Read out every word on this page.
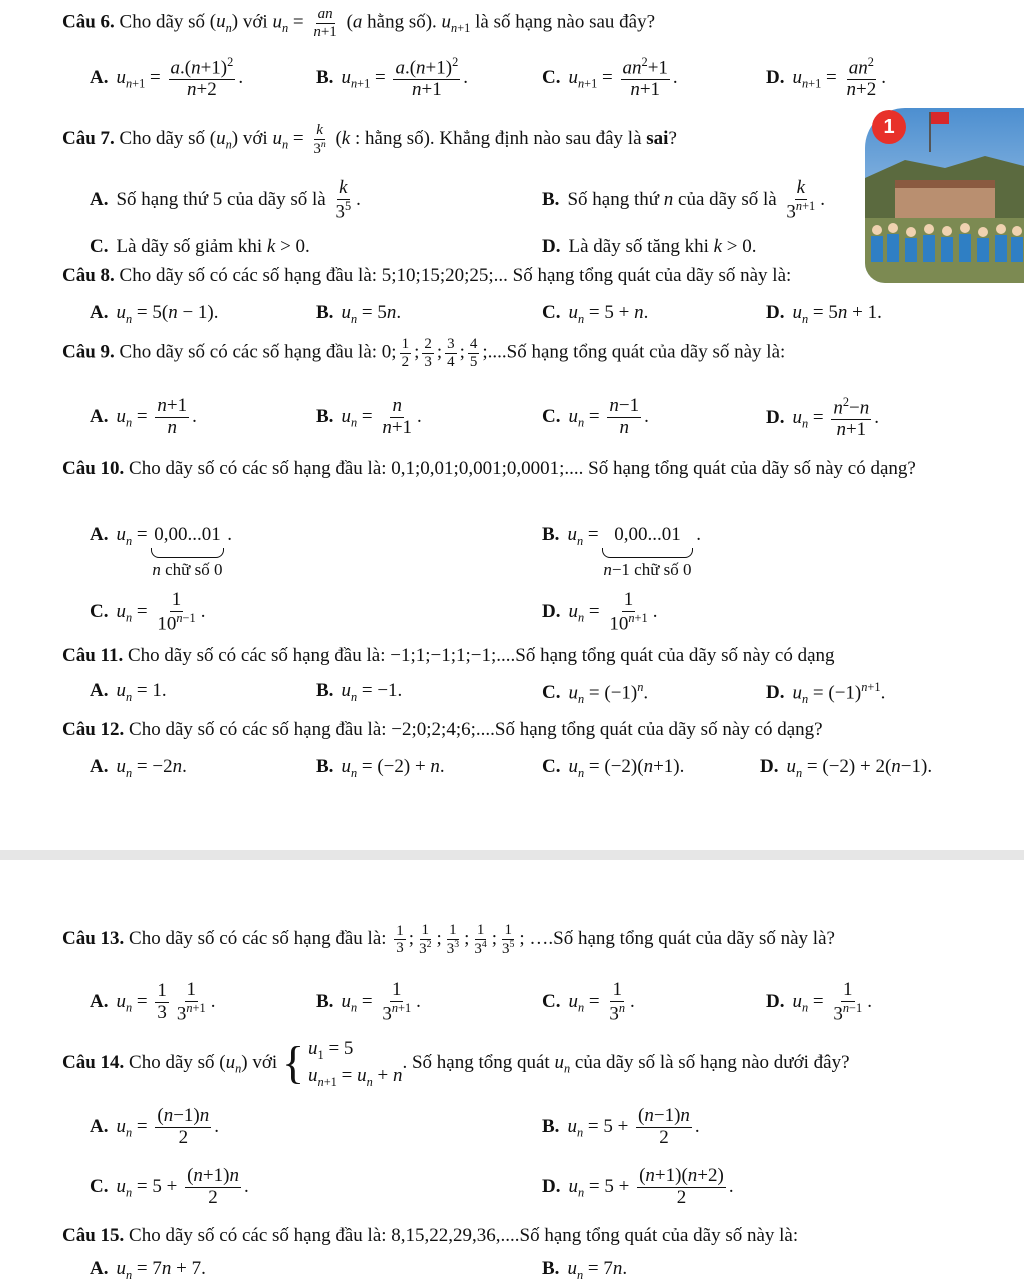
Câu 6. Cho dãy số $(u_n)$ với $u_n = \frac{an}{n+1} (a$ hằng số). $u_{n+1}$ là số hạng nào sau đây?
A. $u_{n+1} = \frac{a.(n+1)^2}{n+2}$ .	B. $u_{n+1} = \frac{a.(n+1)^2}{n+1}$ .	C. $u_{n+1} = \frac{an^2+1}{n+1}$ .	D. $u_{n+1} = \frac{an^2}{n+2}$ .
Câu 7. Cho dãy số $(u_n)$ với $u_n = \frac{k}{3^n} (k$ : hằng số). Khẳng định nào sau đây là sai?
A. Số hạng thứ 5 của dãy số là $\frac{k}{3^5}$ .	B. Số hạng thứ n của dãy số là $\frac{k}{3^{n+1}}$ .
C. Là dãy số giảm khi k > 0.	D. Là dãy số tăng khi k > 0.
Câu 8. Cho dãy số có các số hạng đầu là: 5;10;15;20;25;... Số hạng tổng quát của dãy số này là:
A. $u_n = 5(n - 1)$.	B. $u_n = 5n$.	C. $u_n = 5 + n$.	D. $u_n = 5n + 1$.
Câu 9. Cho dãy số có các số hạng đầu là: 0; $\frac{1}{2}$ ; $\frac{2}{3}$ ; $\frac{3}{4}$ ; $\frac{4}{5}$ ;....Số hạng tổng quát của dãy số này là:
A. $u_n = \frac{n+1}{n}$ .	B. $u_n = \frac{n}{n+1}$ .	C. $u_n = \frac{n-1}{n}$ .	D. $u_n = \frac{n^2-n}{n+1}$ .
Câu 10. Cho dãy số có các số hạng đầu là: 0,1;0,01;0,001;0,0001;.... Số hạng tổng quát của dãy số này có dạng?
A. $u_n = 0,00...01$
n chữ số 0
.	B. $u_n = 0,00...01$
n−1 chữ số 0
.
C. $u_n = \frac{1}{10^{n-1}}$ .	D. $u_n = \frac{1}{10^{n+1}}$ .
Câu 11. Cho dãy số có các số hạng đầu là: −1;1;−1;1;−1;....Số hạng tổng quát của dãy số này có dạng
A. $u_n = 1$.	B. $u_n = -1$.	C. $u_n = (-1)^n$.	D. $u_n = (-1)^{n+1}$.
Câu 12. Cho dãy số có các số hạng đầu là: −2;0;2;4;6;....Số hạng tổng quát của dãy số này có dạng?
A. $u_n = -2n$.	B. $u_n = (-2) + n$.	C. $u_n = (-2)(n+1)$.	D. $u_n = (-2) + 2(n-1)$.
1
Câu 13. Cho dãy số có các số hạng đầu là: $\frac{1}{3}$ ; $\frac{1}{3^2}$ ; $\frac{1}{3^3}$ ; $\frac{1}{3^4}$ ; $\frac{1}{3^5}$ ; ….Số hạng tổng quát của dãy số này là?
A. $u_n = \frac{1}{3} \frac{1}{3^{n+1}}$ .	B. $u_n = \frac{1}{3^{n+1}}$ .	C. $u_n = \frac{1}{3^n}$ .	D. $u_n = \frac{1}{3^{n-1}}$ .
Câu 14. Cho dãy số $(u_n)$ với { $u_1 = 5$
$u_{n+1} = u_n + n$
. Số hạng tổng quát $u_n$ của dãy số là số hạng nào dưới đây?
A. $u_n = \frac{(n-1)n}{2}$ .	B. $u_n = 5 + \frac{(n-1)n}{2}$ .
C. $u_n = 5 + \frac{(n+1)n}{2}$ .	D. $u_n = 5 + \frac{(n+1)(n+2)}{2}$ .
Câu 15. Cho dãy số có các số hạng đầu là: 8,15,22,29,36,....Số hạng tổng quát của dãy số này là:
A. $u_n = 7n + 7$.	B. $u_n = 7n$.
